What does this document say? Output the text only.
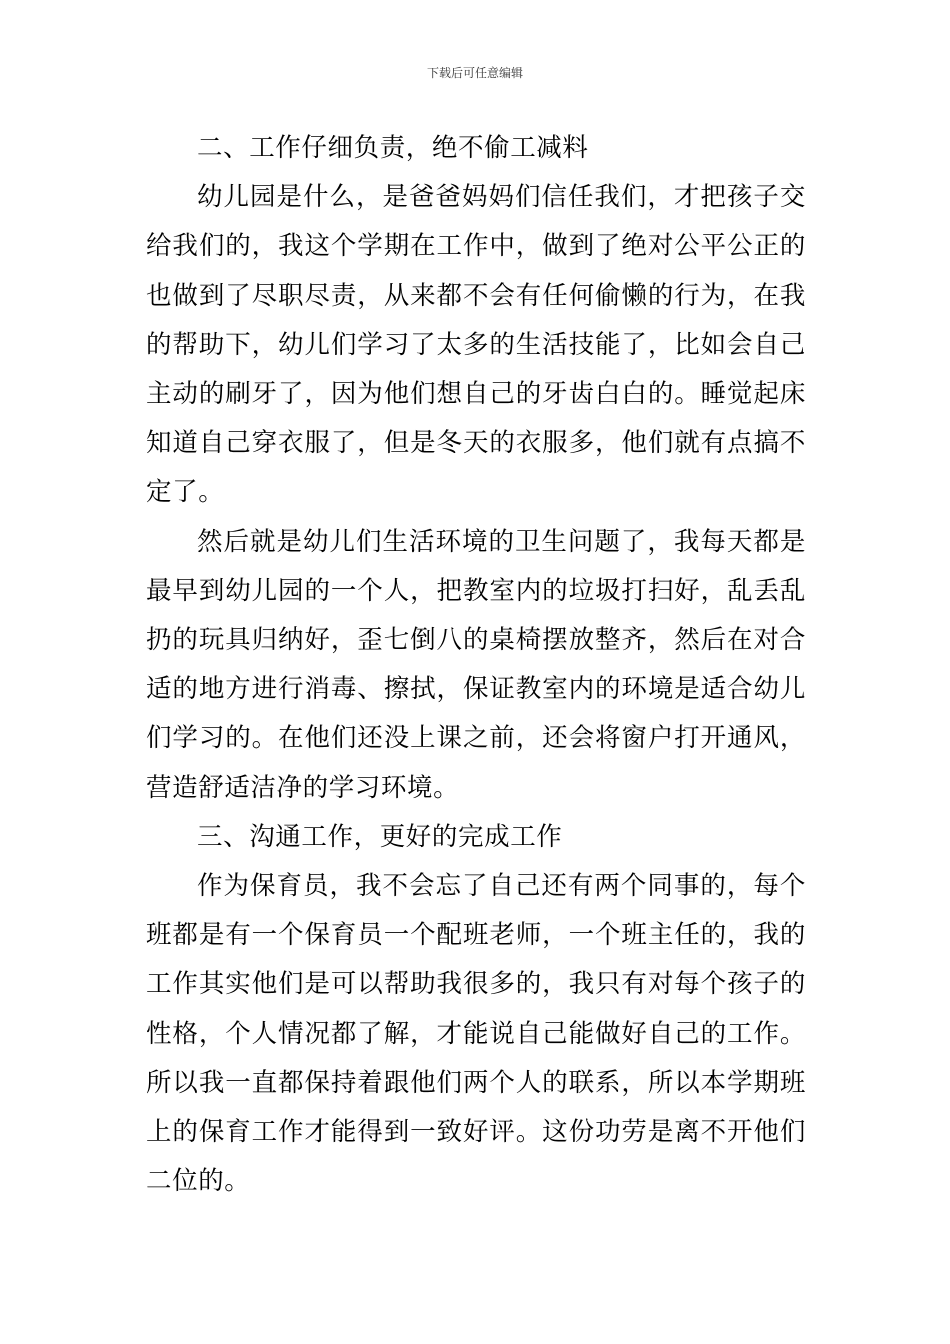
下载后可任意编辑

二、工作仔细负责，绝不偷工减料

幼儿园是什么，是爸爸妈妈们信任我们，才把孩子交给我们的，我这个学期在工作中，做到了绝对公平公正的也做到了尽职尽责，从来都不会有任何偷懒的行为，在我的帮助下，幼儿们学习了太多的生活技能了，比如会自己主动的刷牙了，因为他们想自己的牙齿白白的。睡觉起床知道自己穿衣服了，但是冬天的衣服多，他们就有点搞不定了。

然后就是幼儿们生活环境的卫生问题了，我每天都是最早到幼儿园的一个人，把教室内的垃圾打扫好，乱丢乱扔的玩具归纳好，歪七倒八的桌椅摆放整齐，然后在对合适的地方进行消毒、擦拭，保证教室内的环境是适合幼儿们学习的。在他们还没上课之前，还会将窗户打开通风，营造舒适洁净的学习环境。

三、沟通工作，更好的完成工作

作为保育员，我不会忘了自己还有两个同事的，每个班都是有一个保育员一个配班老师，一个班主任的，我的工作其实他们是可以帮助我很多的，我只有对每个孩子的性格，个人情况都了解，才能说自己能做好自己的工作。所以我一直都保持着跟他们两个人的联系，所以本学期班上的保育工作才能得到一致好评。这份功劳是离不开他们二位的。
